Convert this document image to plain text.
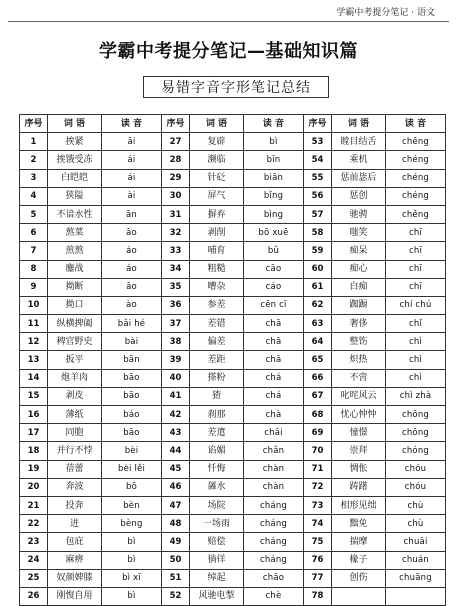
学霸中考提分笔记 · 语文
学霸中考提分笔记—基础知识篇
易错字音字形笔记总结
序号	词 语	读 音	序号	词 语	读 音	序号	词 语	读 音
1	挨紧	āi	27	复辟	bì	53	瞠目结舌	chēng
2	挨饿受冻	ái	28	濒临	bīn	54	乘机	chéng
3	白皑皑	ái	29	针砭	biān	55	惩前毖后	chéng
4	狭隘	ài	30	屏气	bǐng	56	惩创	chéng
5	不谙水性	ān	31	摒弃	bìng	57	驰骋	chěng
6	熬菜	āo	32	剥削	bō xuē	58	嗤笑	chī
7	煎熬	áo	33	哺育	bǔ	59	痴呆	chī
8	鏖战	áo	34	粗糙	cāo	60	痴心	chī
9	拗断	ǎo	35	嘈杂	cáo	61	白痴	chī
10	拗口	ào	36	参差	cēn cī	62	踟蹰	chí chú
11	纵横捭阖	bǎi hé	37	差错	chā	63	奢侈	chǐ
12	稗官野史	bài	38	偏差	chā	64	整饬	chì
13	扳平	bān	39	差距	chā	65	炽热	chì
14	炮羊肉	bāo	40	搽粉	chá	66	不啻	chì
15	剥皮	bāo	41	猹	chá	67	叱咤风云	chì zhà
16	薄纸	báo	42	刹那	chà	68	忧心忡忡	chōng
17	同胞	bāo	43	差遣	chāi	69	憧憬	chōng
18	并行不悖	bèi	44	谄媚	chǎn	70	崇拜	chóng
19	蓓蕾	bèi lěi	45	忏悔	chàn	71	惆怅	chóu
20	奔波	bō	46	羼水	chàn	72	踌躇	chóu
21	投奔	bèn	47	场院	cháng	73	相形见绌	chù
22	迸	bèng	48	一场雨	cháng	74	黜免	chù
23	包庇	bì	49	赔偿	cháng	75	揣摩	chuāi
24	麻痹	bì	50	徜徉	cháng	76	椽子	chuán
25	奴颜婢膝	bì xī	51	绰起	chāo	77	创伤	chuāng
26	刚愎自用	bì	52	风驰电掣	chè	78		
